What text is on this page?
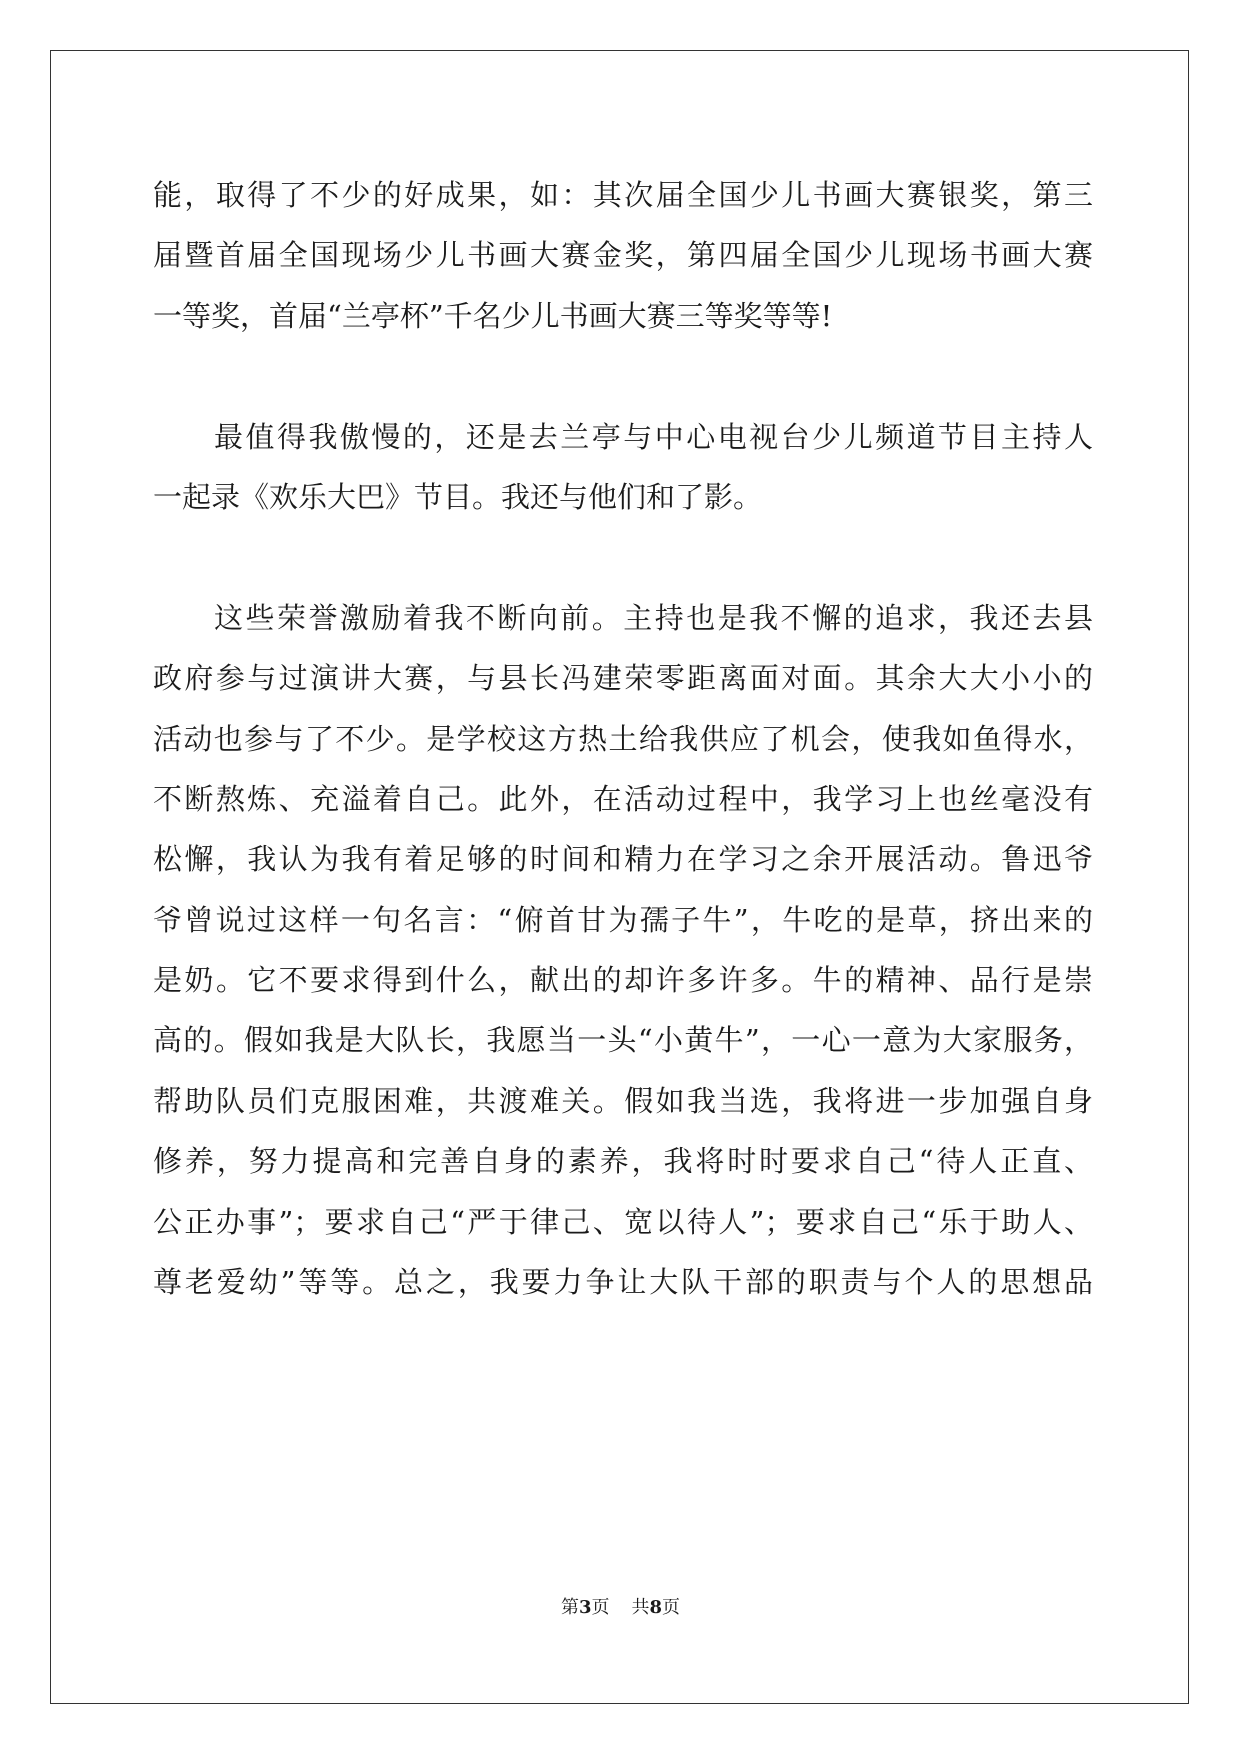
能，取得了不少的好成果，如：其次届全国少儿书画大赛银奖，第三
届暨首届全国现场少儿书画大赛金奖，第四届全国少儿现场书画大赛
一等奖，首届“兰亭杯”千名少儿书画大赛三等奖等等!
最值得我傲慢的，还是去兰亭与中心电视台少儿频道节目主持人
一起录《欢乐大巴》节目。我还与他们和了影。
这些荣誉激励着我不断向前。主持也是我不懈的追求，我还去县
政府参与过演讲大赛，与县长冯建荣零距离面对面。其余大大小小的
活动也参与了不少。是学校这方热土给我供应了机会，使我如鱼得水，
不断熬炼、充溢着自己。此外，在活动过程中，我学习上也丝毫没有
松懈，我认为我有着足够的时间和精力在学习之余开展活动。鲁迅爷
爷曾说过这样一句名言：“俯首甘为孺子牛”，牛吃的是草，挤出来的
是奶。它不要求得到什么，献出的却许多许多。牛的精神、品行是崇
高的。假如我是大队长，我愿当一头“小黄牛”，一心一意为大家服务，
帮助队员们克服困难，共渡难关。假如我当选，我将进一步加强自身
修养，努力提高和完善自身的素养，我将时时要求自己“待人正直、
公正办事”；要求自己“严于律己、宽以待人”；要求自己“乐于助人、
尊老爱幼”等等。总之，我要力争让大队干部的职责与个人的思想品
第3页 共8页
